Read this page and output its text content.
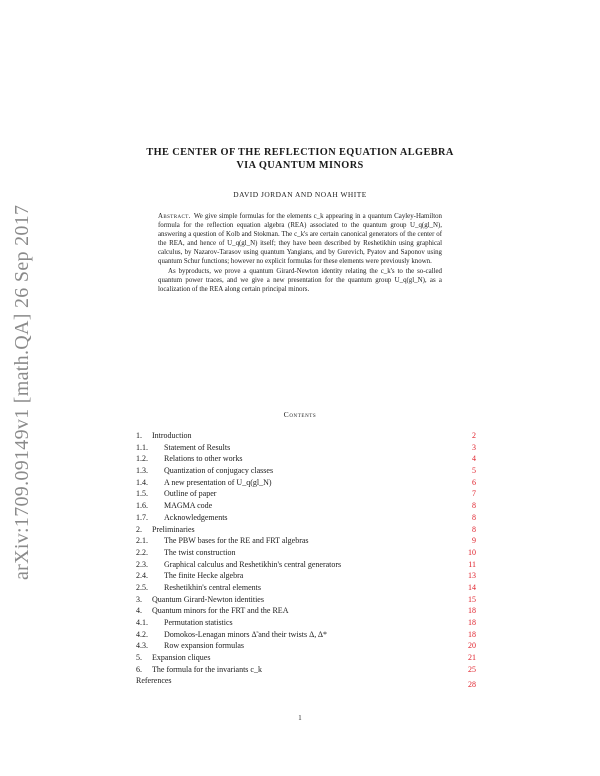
arXiv:1709.09149v1 [math.QA] 26 Sep 2017
THE CENTER OF THE REFLECTION EQUATION ALGEBRA
VIA QUANTUM MINORS
DAVID JORDAN AND NOAH WHITE

Abstract. We give simple formulas for the elements c_k appearing in a quantum Cayley-Hamilton formula for the reflection equation algebra (REA) associated to the quantum group U_q(gl_N), answering a question of Kolb and Stokman. The c_k's are certain canonical generators of the center of the REA, and hence of U_q(gl_N) itself; they have been described by Reshetikhin using graphical calculus, by Nazarov-Tarasov using quantum Yangians, and by Gurevich, Pyatov and Saponov using quantum Schur functions; however no explicit formulas for these elements were previously known.

As byproducts, we prove a quantum Girard-Newton identity relating the c_k's to the so-called quantum power traces, and we give a new presentation for the quantum group U_q(gl_N), as a localization of the REA along certain principal minors.

Contents
1.	Introduction	2
1.1.	Statement of Results	3
1.2.	Relations to other works	4
1.3.	Quantization of conjugacy classes	5
1.4.	A new presentation of U_q(gl_N)	6
1.5.	Outline of paper	7
1.6.	MAGMA code	8
1.7.	Acknowledgements	8
2.	Preliminaries	8
2.1.	The PBW bases for the RE and FRT algebras	9
2.2.	The twist construction	10
2.3.	Graphical calculus and Reshetikhin's central generators	11
2.4.	The finite Hecke algebra	13
2.5.	Reshetikhin's central elements	14
3.	Quantum Girard-Newton identities	15
4.	Quantum minors for the FRT and the REA	18
4.1.	Permutation statistics	18
4.2.	Domokos-Lenagan minors Δ̃ and their twists Δ, Δ*	18
4.3.	Row expansion formulas	20
5.	Expansion cliques	21
6.	The formula for the invariants c_k	25
References	28
1
